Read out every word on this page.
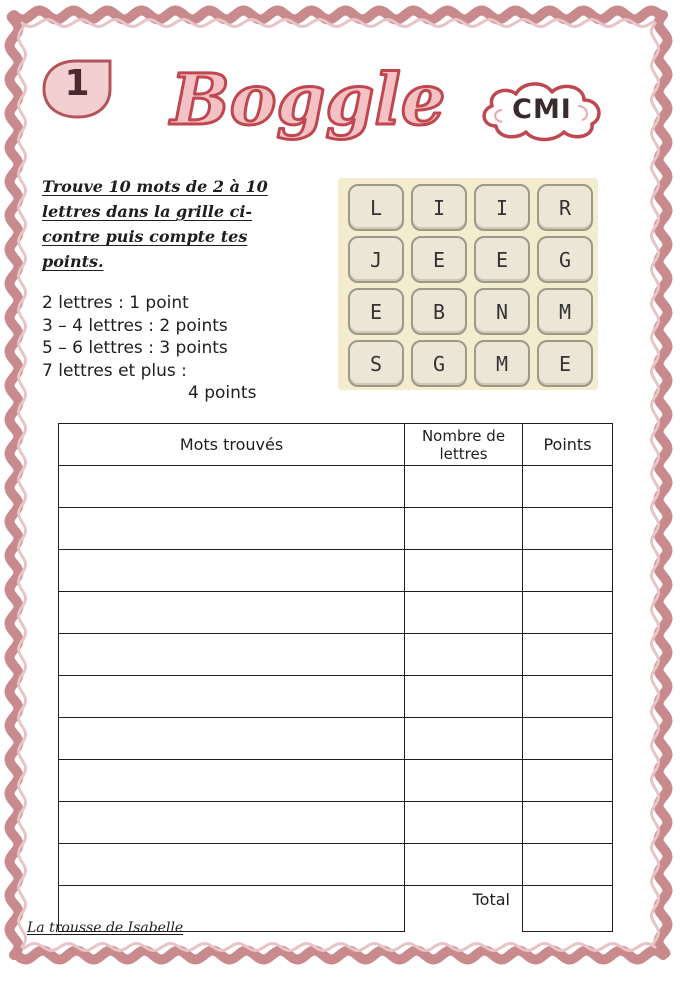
1	Boggle	CMI
Trouve 10 mots de 2 à 10 lettres dans la grille ci-contre puis compte tes points.
2 lettres : 1 point
3 – 4 lettres : 2 points
5 – 6 lettres : 3 points
7 lettres et plus :
4 points
L	I	I	R
J	E	E	G
E	B	N	M
S	G	M	E
Mots trouvés	Nombre de lettres	Points

	Total	
La trousse de Isabelle
